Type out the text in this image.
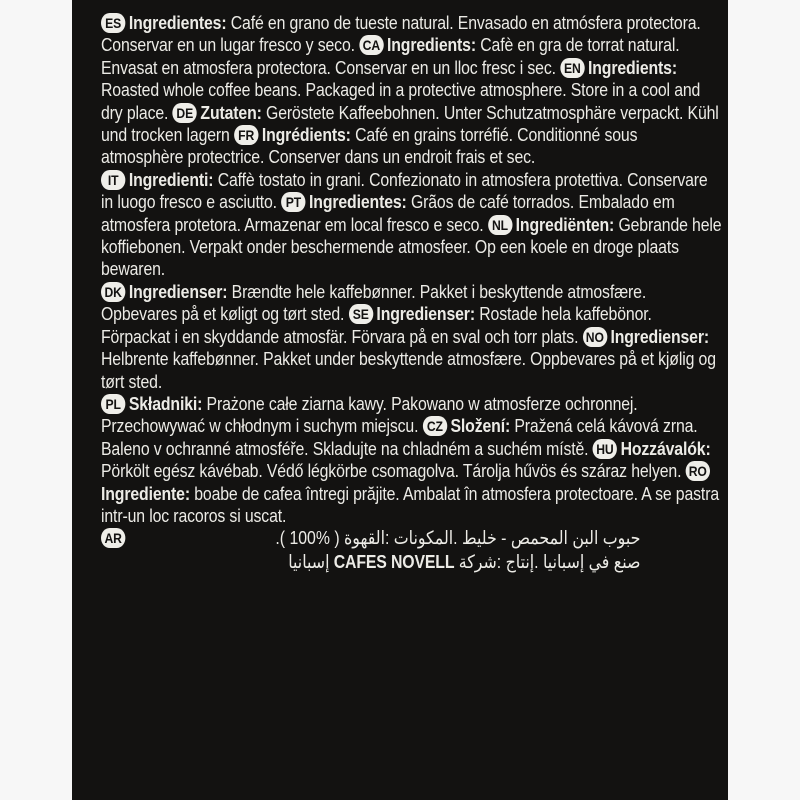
ES Ingredientes: Café en grano de tueste natural. Envasado en atmósfera protectora. Conservar en un lugar fresco y seco. CA Ingredients: Cafè en gra de torrat natural. Envasat en atmosfera protectora. Conservar en un lloc fresc i sec. EN Ingredients: Roasted whole coffee beans. Packaged in a protective atmosphere. Store in a cool and dry place. DE Zutaten: Geröstete Kaffeebohnen. Unter Schutzatmosphäre verpackt. Kühl und trocken lagern FR Ingrédients: Café en grains torréfié. Conditionné sous atmosphère protectrice. Conserver dans un endroit frais et sec.
IT Ingredienti: Caffè tostato in grani. Confezionato in atmosfera protettiva. Conservare in luogo fresco e asciutto. PT Ingredientes: Grãos de café torrados. Embalado em atmosfera protetora. Armazenar em local fresco e seco. NL Ingrediënten: Gebrande hele koffiebonen. Verpakt onder beschermende atmosfeer. Op een koele en droge plaats bewaren.
DK Ingredienser: Brændte hele kaffebønner. Pakket i beskyttende atmosfære. Opbevares på et køligt og tørt sted. SE Ingredienser: Rostade hela kaffebönor. Förpackat i en skyddande atmosfär. Förvara på en sval och torr plats. NO Ingredienser: Helbrente kaffebønner. Pakket under beskyttende atmosfære. Oppbevares på et kjølig og tørt sted.
PL Składniki: Prażone całe ziarna kawy. Pakowano w atmosferze ochronnej. Przechowywać w chłodnym i suchym miejscu. CZ Složení: Pražená celá kávová zrna. Baleno v ochranné atmosféře. Skladujte na chladném a suchém místě. HU Hozzávalók: Pörkölt egész kávébab. Védő légkörbe csomagolva. Tárolja hűvös és száraz helyen. ROIngrediente: boabe de cafea întregi prăjite. Ambalat în atmosfera protectoare. A se pastra intr-un loc racoros si uscat.
AR	حبوب البن المحمص - خليط .المكونات :القهوة ( %100 ).
صنع في إسبانيا .إنتاج :شركة CAFES NOVELL إسبانيا
